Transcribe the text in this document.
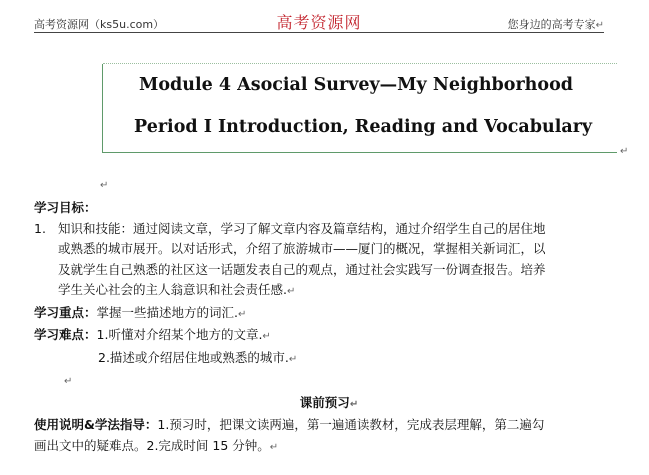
高考资源网（ks5u.com）	高考资源网	您身边的高考专家↵
Module 4 Asocial Survey—My Neighborhood
Period Ⅰ Introduction, Reading and Vocabulary
↵
↵
学习目标：
1. 知识和技能：通过阅读文章，学习了解文章内容及篇章结构，通过介绍学生自己的居住地
或熟悉的城市展开。以对话形式，介绍了旅游城市——厦门的概况，掌握相关新词汇，以
及就学生自己熟悉的社区这一话题发表自己的观点，通过社会实践写一份调查报告。培养
学生关心社会的主人翁意识和社会责任感.↵
学习重点：掌握一些描述地方的词汇.↵
学习难点：1.听懂对介绍某个地方的文章.↵
2.描述或介绍居住地或熟悉的城市.↵
↵
课前预习↵
使用说明&学法指导：1.预习时，把课文读两遍，第一遍通读教材，完成表层理解，第二遍勾
画出文中的疑难点。2.完成时间 15 分钟。↵
